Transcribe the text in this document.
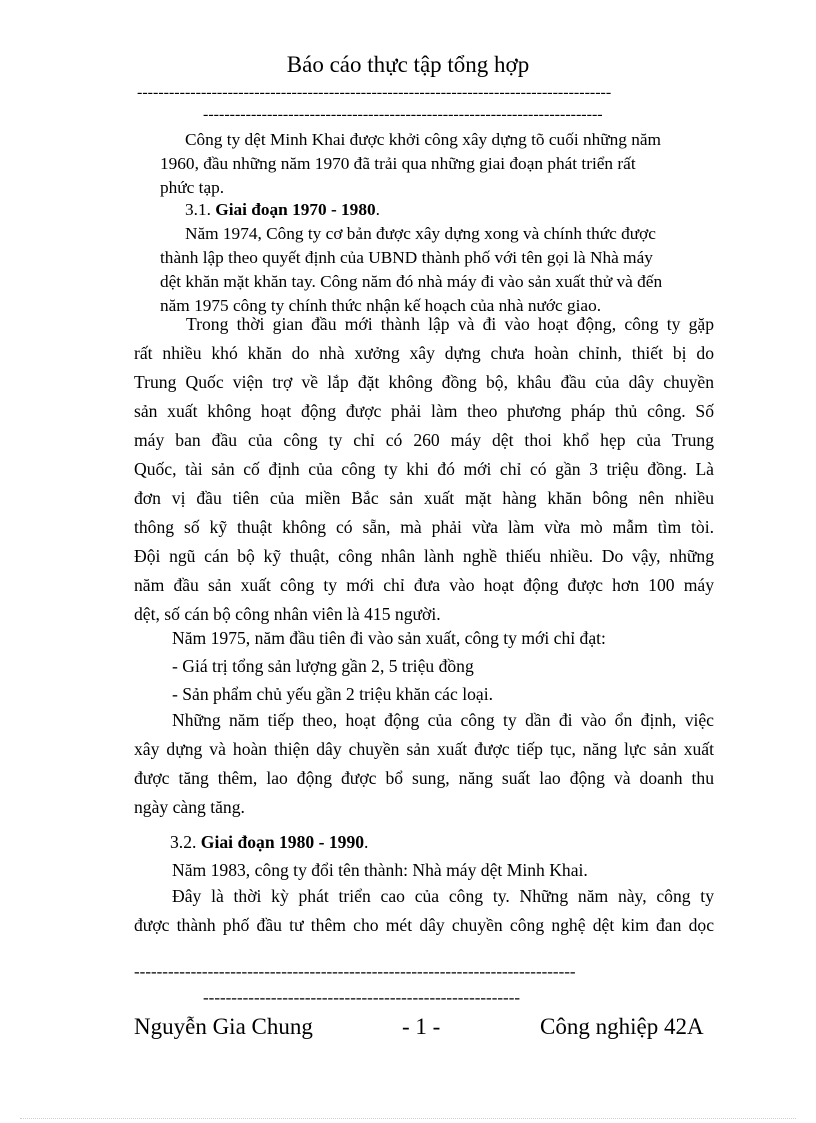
Báo cáo thực tập tổng hợp
-----------------------------------------------------------------------------------------
---------------------------------------------------------------------------
Công ty dệt Minh Khai được khởi công xây dựng tõ cuối những năm
1960, đầu những năm 1970 đã trải qua những giai đoạn phát triển rất
phức tạp.
3.1. Giai đoạn 1970 - 1980.
Năm 1974, Công ty cơ bản được xây dựng xong và chính thức được
thành lập theo quyết định của UBND thành phố với tên gọi là Nhà máy
dệt khăn mặt khăn tay. Công năm đó nhà máy đi vào sản xuất thử và đến
năm 1975 công ty chính thức nhận kế hoạch của nhà nước giao.
Trong thời gian đầu mới thành lập và đi vào hoạt động, công ty gặp
rất nhiều khó khăn do nhà xưởng xây dựng chưa hoàn chỉnh, thiết bị do
Trung Quốc viện trợ về lắp đặt không đồng bộ, khâu đầu của dây chuyền
sản xuất không hoạt động được phải làm theo phương pháp thủ công. Số
máy ban đầu của công ty chỉ có 260 máy dệt thoi khổ hẹp của Trung
Quốc, tài sản cố định của công ty khi đó mới chỉ có gần 3 triệu đồng. Là
đơn vị đầu tiên của miền Bắc sản xuất mặt hàng khăn bông nên nhiều
thông số kỹ thuật không có sẵn, mà phải vừa làm vừa mò mẫm tìm tòi.
Đội ngũ cán bộ kỹ thuật, công nhân lành nghề thiếu nhiều. Do vậy, những
năm đầu sản xuất công ty mới chỉ đưa vào hoạt động được hơn 100 máy
dệt, số cán bộ công nhân viên là 415 người.
Năm 1975, năm đầu tiên đi vào sản xuất, công ty mới chỉ đạt:
- Giá trị tổng sản lượng gần 2, 5 triệu đồng
- Sản phẩm chủ yếu gần 2 triệu khăn các loại.
Những năm tiếp theo, hoạt động của công ty dần đi vào ổn định, việc
xây dựng và hoàn thiện dây chuyền sản xuất được tiếp tục, năng lực sản xuất
được tăng thêm, lao động được bổ sung, năng suất lao động và doanh thu
ngày càng tăng.
3.2. Giai đoạn 1980 - 1990.
Năm 1983, công ty đổi tên thành: Nhà máy dệt Minh Khai.
Đây là thời kỳ phát triển cao của công ty. Những năm này, công ty
được thành phố đầu tư thêm cho mét dây chuyền công nghệ dệt kim đan dọc
------------------------------------------------------------------------------
--------------------------------------------------------
Nguyễn Gia Chung	- 1 -	Công nghiệp 42A
